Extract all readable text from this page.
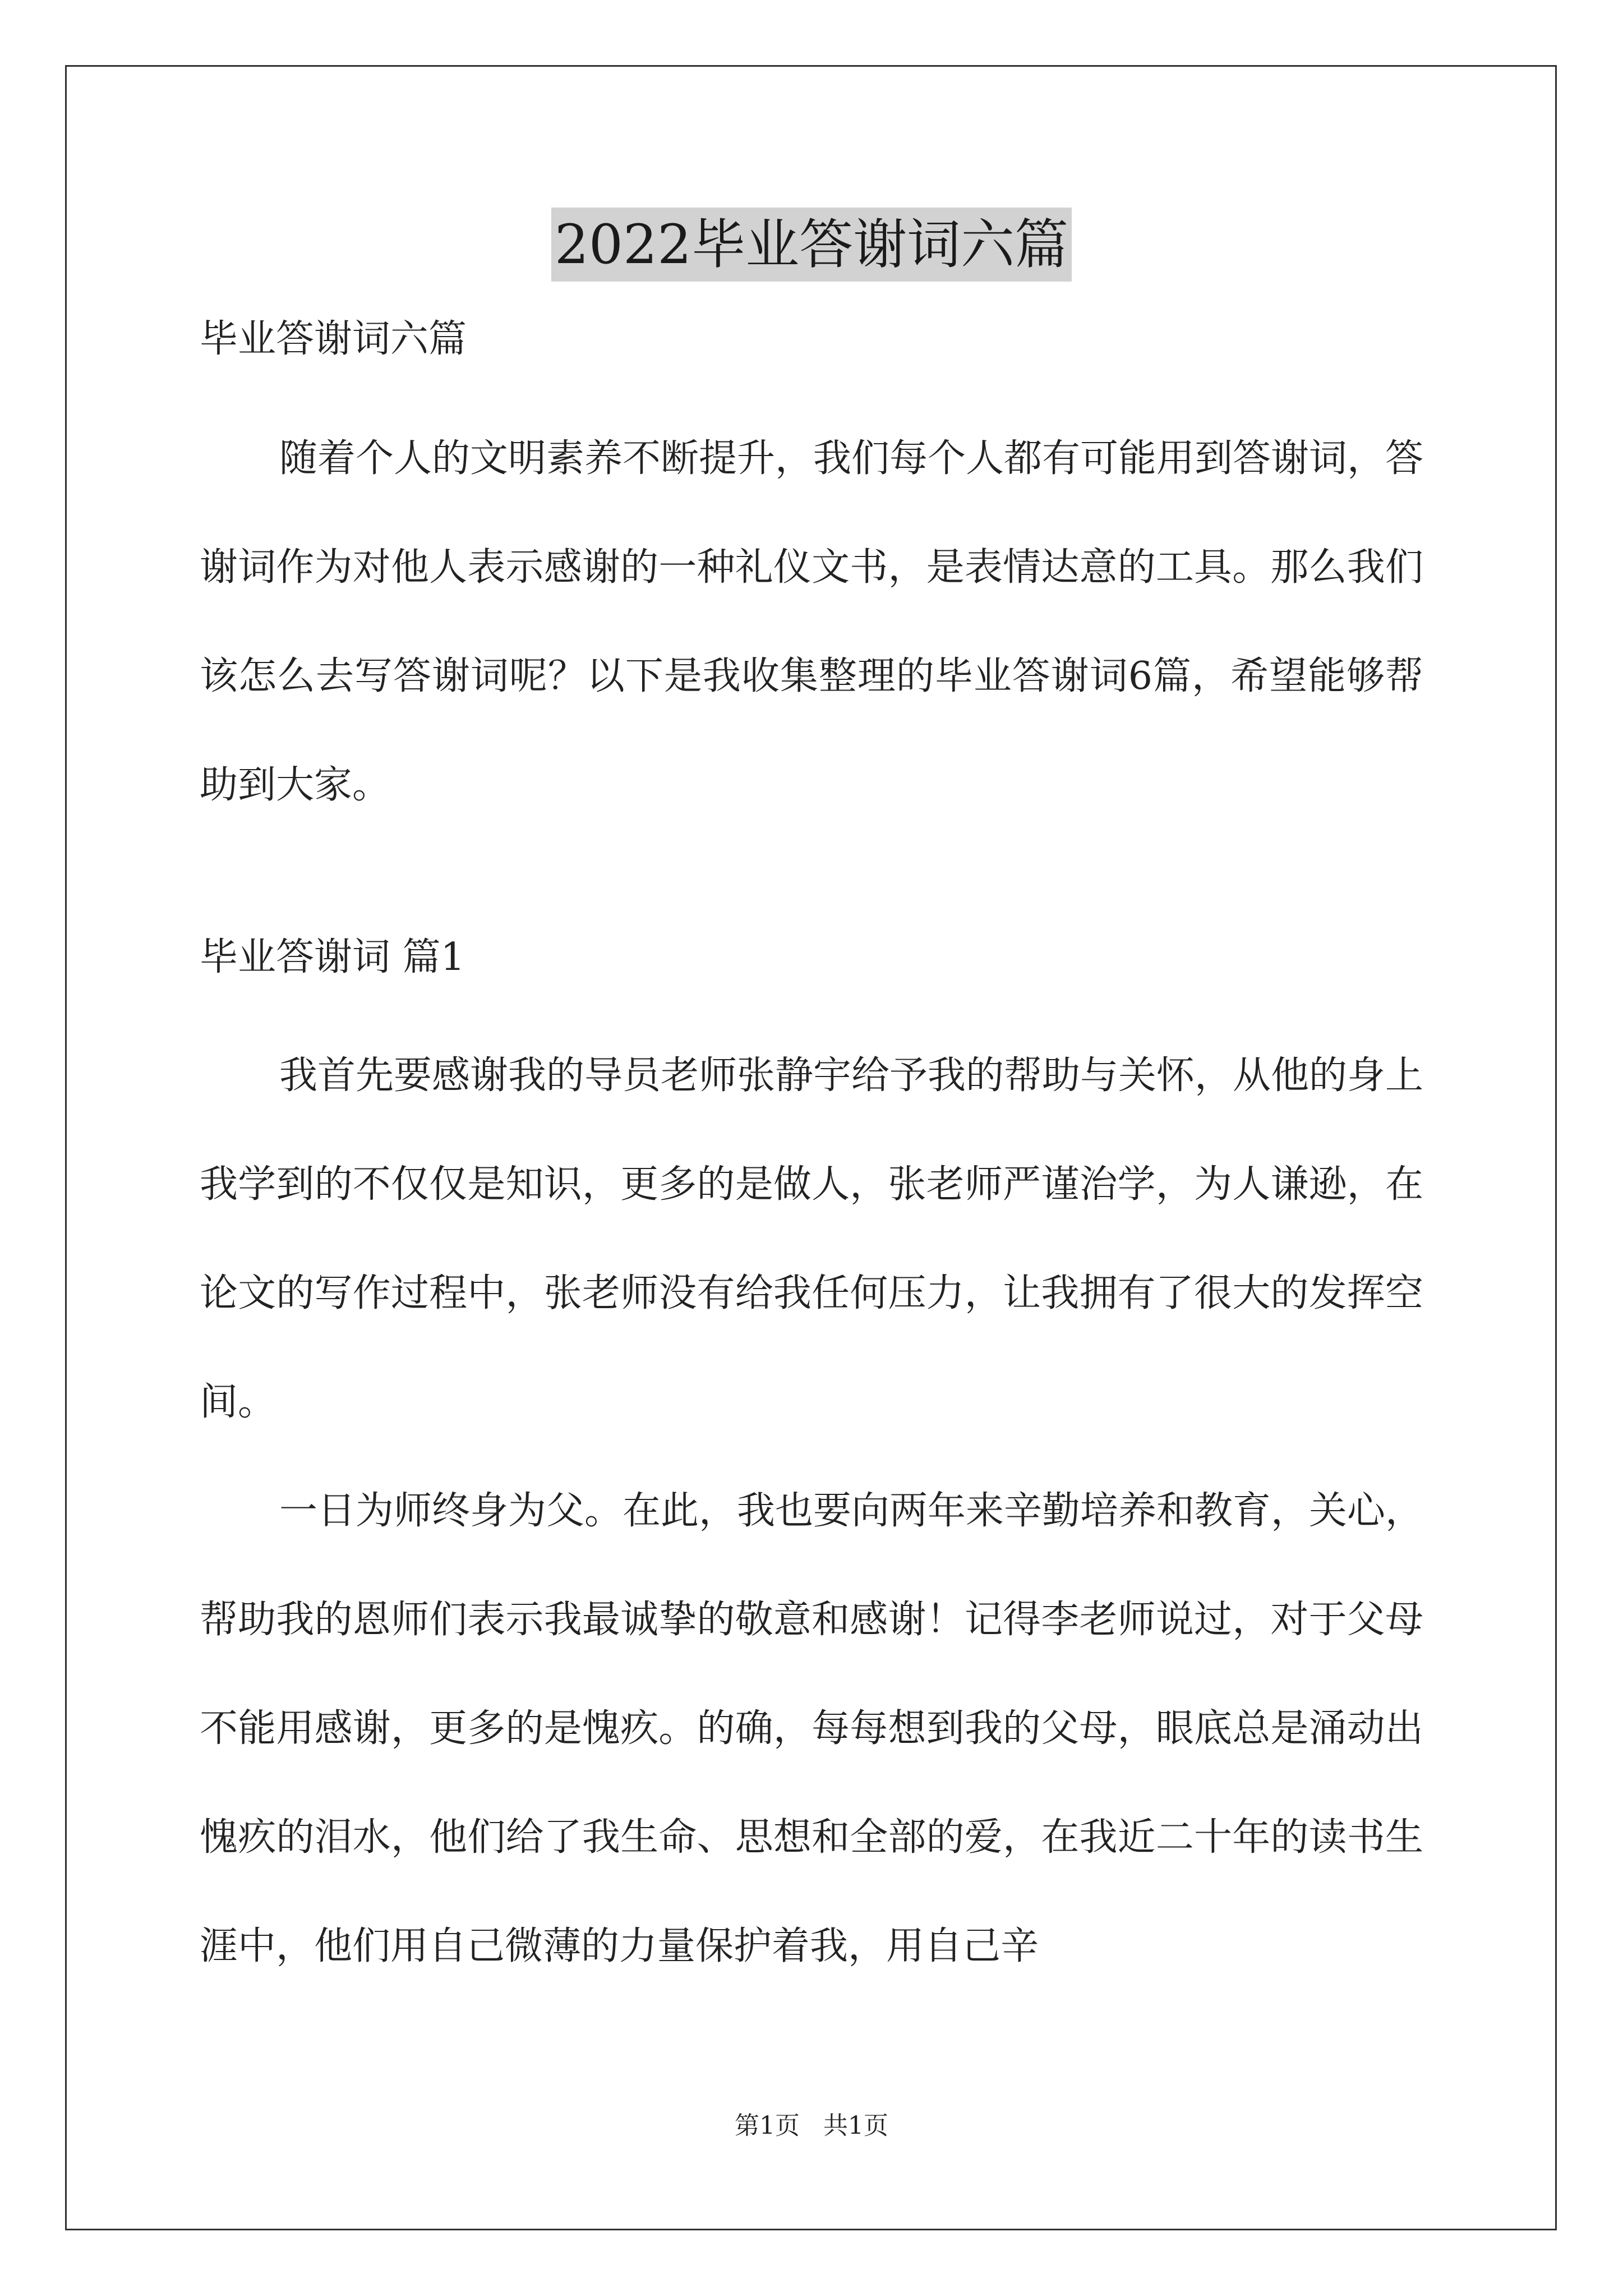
2022毕业答谢词六篇

毕业答谢词六篇

随着个人的文明素养不断提升，我们每个人都有可能用到答谢词，答谢词作为对他人表示感谢的一种礼仪文书，是表情达意的工具。那么我们该怎么去写答谢词呢？以下是我收集整理的毕业答谢词6篇，希望能够帮助到大家。

毕业答谢词 篇1

我首先要感谢我的导员老师张静宇给予我的帮助与关怀，从他的身上我学到的不仅仅是知识，更多的是做人，张老师严谨治学，为人谦逊，在论文的写作过程中，张老师没有给我任何压力，让我拥有了很大的发挥空间。

一日为师终身为父。在此，我也要向两年来辛勤培养和教育，关心，帮助我的恩师们表示我最诚挚的敬意和感谢！记得李老师说过，对于父母不能用感谢，更多的是愧疚。的确，每每想到我的父母，眼底总是涌动出愧疚的泪水，他们给了我生命、思想和全部的爱，在我近二十年的读书生涯中，他们用自己微薄的力量保护着我，用自己辛

第1页 共1页
